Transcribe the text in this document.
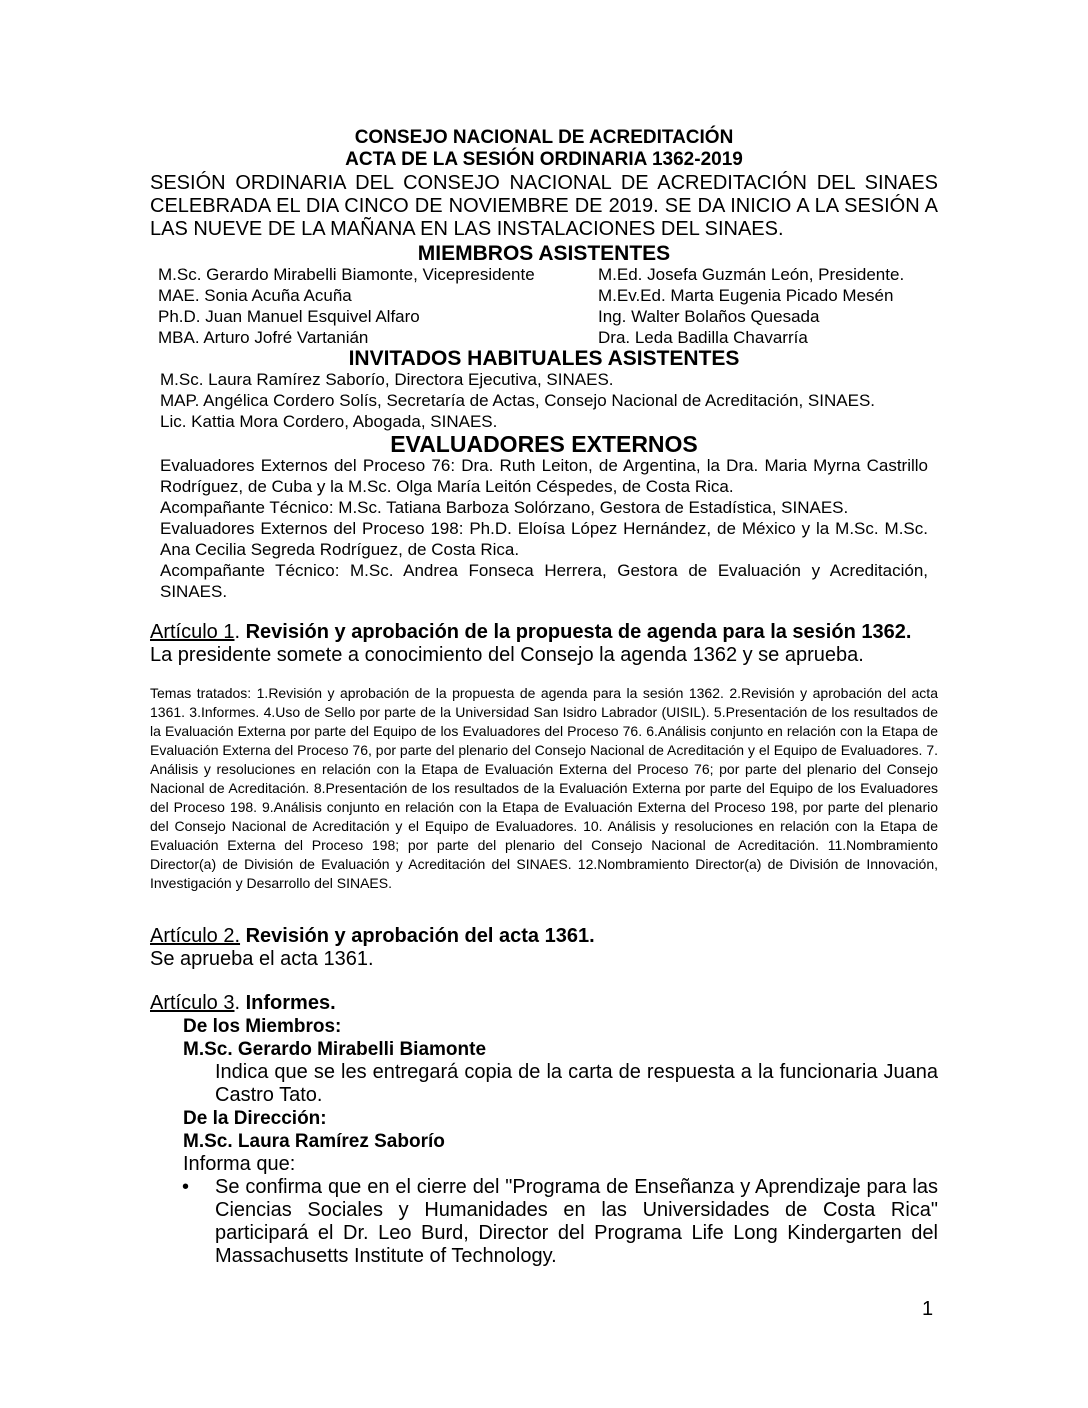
CONSEJO NACIONAL DE ACREDITACIÓN
ACTA DE LA SESIÓN ORDINARIA 1362-2019
SESIÓN ORDINARIA DEL CONSEJO NACIONAL DE ACREDITACIÓN DEL SINAES CELEBRADA EL DIA CINCO DE NOVIEMBRE DE 2019. SE DA INICIO A LA SESIÓN A LAS NUEVE DE LA MAÑANA EN LAS INSTALACIONES DEL SINAES.
MIEMBROS ASISTENTES
M.Sc. Gerardo Mirabelli Biamonte, Vicepresidente
MAE. Sonia Acuña Acuña
Ph.D. Juan Manuel Esquivel Alfaro
MBA. Arturo Jofré Vartanián
M.Ed. Josefa Guzmán León, Presidente.
M.Ev.Ed. Marta Eugenia Picado Mesén
Ing. Walter Bolaños Quesada
Dra. Leda Badilla Chavarría
INVITADOS HABITUALES ASISTENTES
M.Sc. Laura Ramírez Saborío, Directora Ejecutiva, SINAES.
MAP. Angélica Cordero Solís, Secretaría de Actas, Consejo Nacional de Acreditación, SINAES.
Lic. Kattia Mora Cordero, Abogada, SINAES.
EVALUADORES EXTERNOS

Evaluadores Externos del Proceso 76: Dra. Ruth Leiton, de Argentina, la Dra. Maria Myrna Castrillo Rodríguez, de Cuba y la M.Sc. Olga María Leitón Céspedes, de Costa Rica.

Acompañante Técnico: M.Sc. Tatiana Barboza Solórzano, Gestora de Estadística, SINAES.

Evaluadores Externos del Proceso 198: Ph.D. Eloísa López Hernández, de México y la M.Sc. M.Sc. Ana Cecilia Segreda Rodríguez, de Costa Rica.

Acompañante Técnico: M.Sc. Andrea Fonseca Herrera, Gestora de Evaluación y Acreditación, SINAES.

Artículo 1. Revisión y aprobación de la propuesta de agenda para la sesión 1362.
La presidente somete a conocimiento del Consejo la agenda 1362 y se aprueba.
Temas tratados: 1.Revisión y aprobación de la propuesta de agenda para la sesión 1362. 2.Revisión y aprobación del acta 1361. 3.Informes. 4.Uso de Sello por parte de la Universidad San Isidro Labrador (UISIL). 5.Presentación de los resultados de la Evaluación Externa por parte del Equipo de los Evaluadores del Proceso 76. 6.Análisis conjunto en relación con la Etapa de Evaluación Externa del Proceso 76, por parte del plenario del Consejo Nacional de Acreditación y el Equipo de Evaluadores. 7. Análisis y resoluciones en relación con la Etapa de Evaluación Externa del Proceso 76; por parte del plenario del Consejo Nacional de Acreditación. 8.Presentación de los resultados de la Evaluación Externa por parte del Equipo de los Evaluadores del Proceso 198. 9.Análisis conjunto en relación con la Etapa de Evaluación Externa del Proceso 198, por parte del plenario del Consejo Nacional de Acreditación y el Equipo de Evaluadores. 10. Análisis y resoluciones en relación con la Etapa de Evaluación Externa del Proceso 198; por parte del plenario del Consejo Nacional de Acreditación. 11.Nombramiento Director(a) de División de Evaluación y Acreditación del SINAES. 12.Nombramiento Director(a) de División de Innovación, Investigación y Desarrollo del SINAES.
Artículo 2. Revisión y aprobación del acta 1361.
Se aprueba el acta 1361.
Artículo 3. Informes.
De los Miembros:
M.Sc. Gerardo Mirabelli Biamonte
Indica que se les entregará copia de la carta de respuesta a la funcionaria Juana Castro Tato.
De la Dirección:
M.Sc. Laura Ramírez Saborío
Informa que:
• Se confirma que en el cierre del "Programa de Enseñanza y Aprendizaje para las Ciencias Sociales y Humanidades en las Universidades de Costa Rica" participará el Dr. Leo Burd, Director del Programa Life Long Kindergarten del Massachusetts Institute of Technology.
1
